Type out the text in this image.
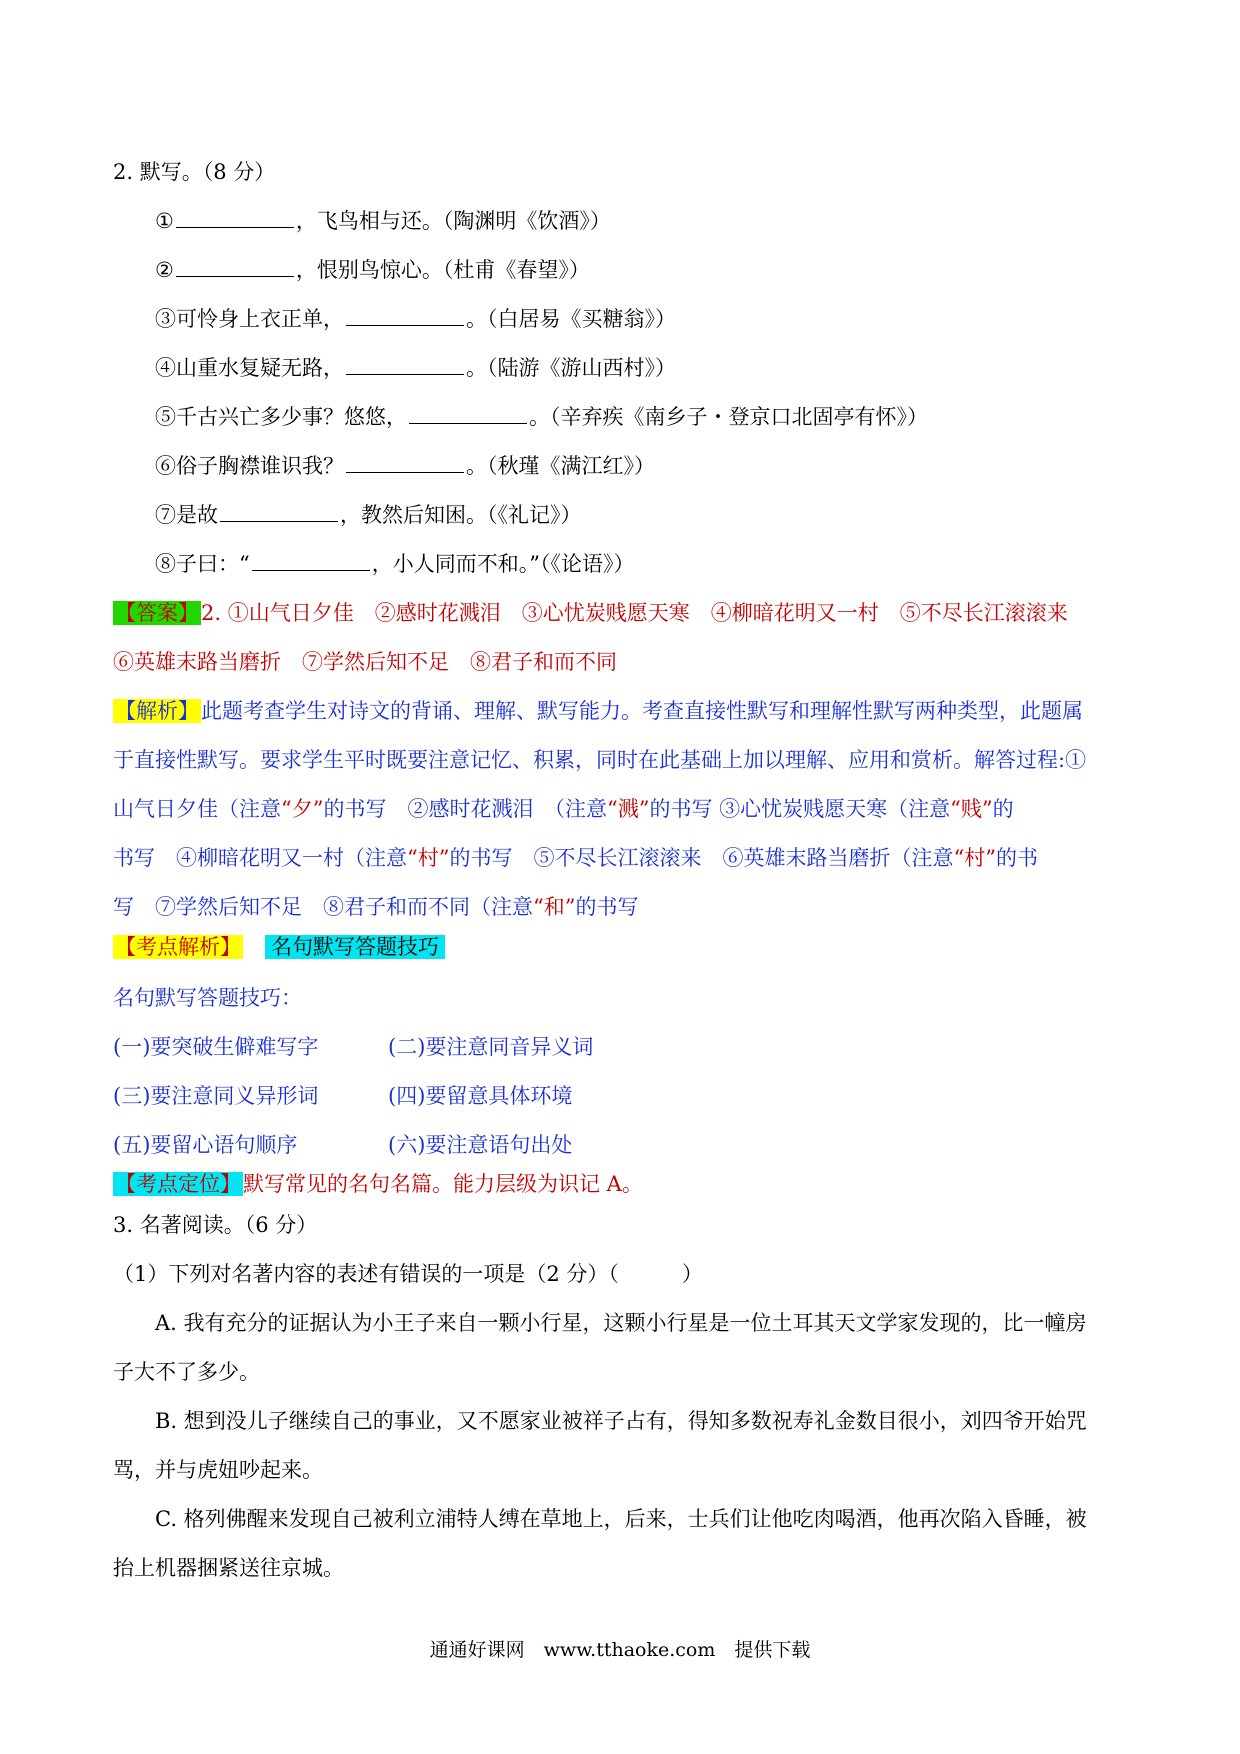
2. 默写。（8 分）
①	，飞鸟相与还。（陶渊明《饮酒》）
②	，恨别鸟惊心。（杜甫《春望》）
③可怜身上衣正单，	。（白居易《买糖翁》）
④山重水复疑无路，	。（陆游《游山西村》）
⑤千古兴亡多少事？悠悠，	。（辛弃疾《南乡子・登京口北固亭有怀》）
⑥俗子胸襟谁识我？	。（秋瑾《满江红》）
⑦是故	，教然后知困。（《礼记》）
⑧子曰：“	，小人同而不和。”（《论语》）
【答案】2. ①山气日夕佳　②感时花溅泪　③心忧炭贱愿天寒　④柳暗花明又一村　⑤不尽长江滚滚来
⑥英雄末路当磨折　⑦学然后知不足　⑧君子和而不同
【解析】此题考查学生对诗文的背诵、理解、默写能力。考查直接性默写和理解性默写两种类型，此题属
于直接性默写。要求学生平时既要注意记忆、积累，同时在此基础上加以理解、应用和赏析。解答过程:①
山气日夕佳（注意“夕”的书写　②感时花溅泪　（注意“溅”的书写 ③心忧炭贱愿天寒（注意“贱”的
书写　④柳暗花明又一村（注意“村”的书写　⑤不尽长江滚滚来　⑥英雄末路当磨折（注意“村”的书
写　⑦学然后知不足　⑧君子和而不同（注意“和”的书写
【考点解析】 名句默写答题技巧
名句默写答题技巧：
(一)要突破生僻难写字	(二)要注意同音异义词
(三)要注意同义异形词	(四)要留意具体环境
(五)要留心语句顺序	(六)要注意语句出处
【考点定位】默写常见的名句名篇。能力层级为识记 A。
3. 名著阅读。（6 分）
（1）下列对名著内容的表述有错误的一项是（2 分）（　　　）
A. 我有充分的证据认为小王子来自一颗小行星，这颗小行星是一位土耳其天文学家发现的，比一幢房
子大不了多少。
B. 想到没儿子继续自己的事业，又不愿家业被祥子占有，得知多数祝寿礼金数目很小，刘四爷开始咒
骂，并与虎妞吵起来。
C. 格列佛醒来发现自己被利立浦特人缚在草地上，后来，士兵们让他吃肉喝酒，他再次陷入昏睡，被
抬上机器捆紧送往京城。
通通好课网　www.tthaoke.com　提供下载
